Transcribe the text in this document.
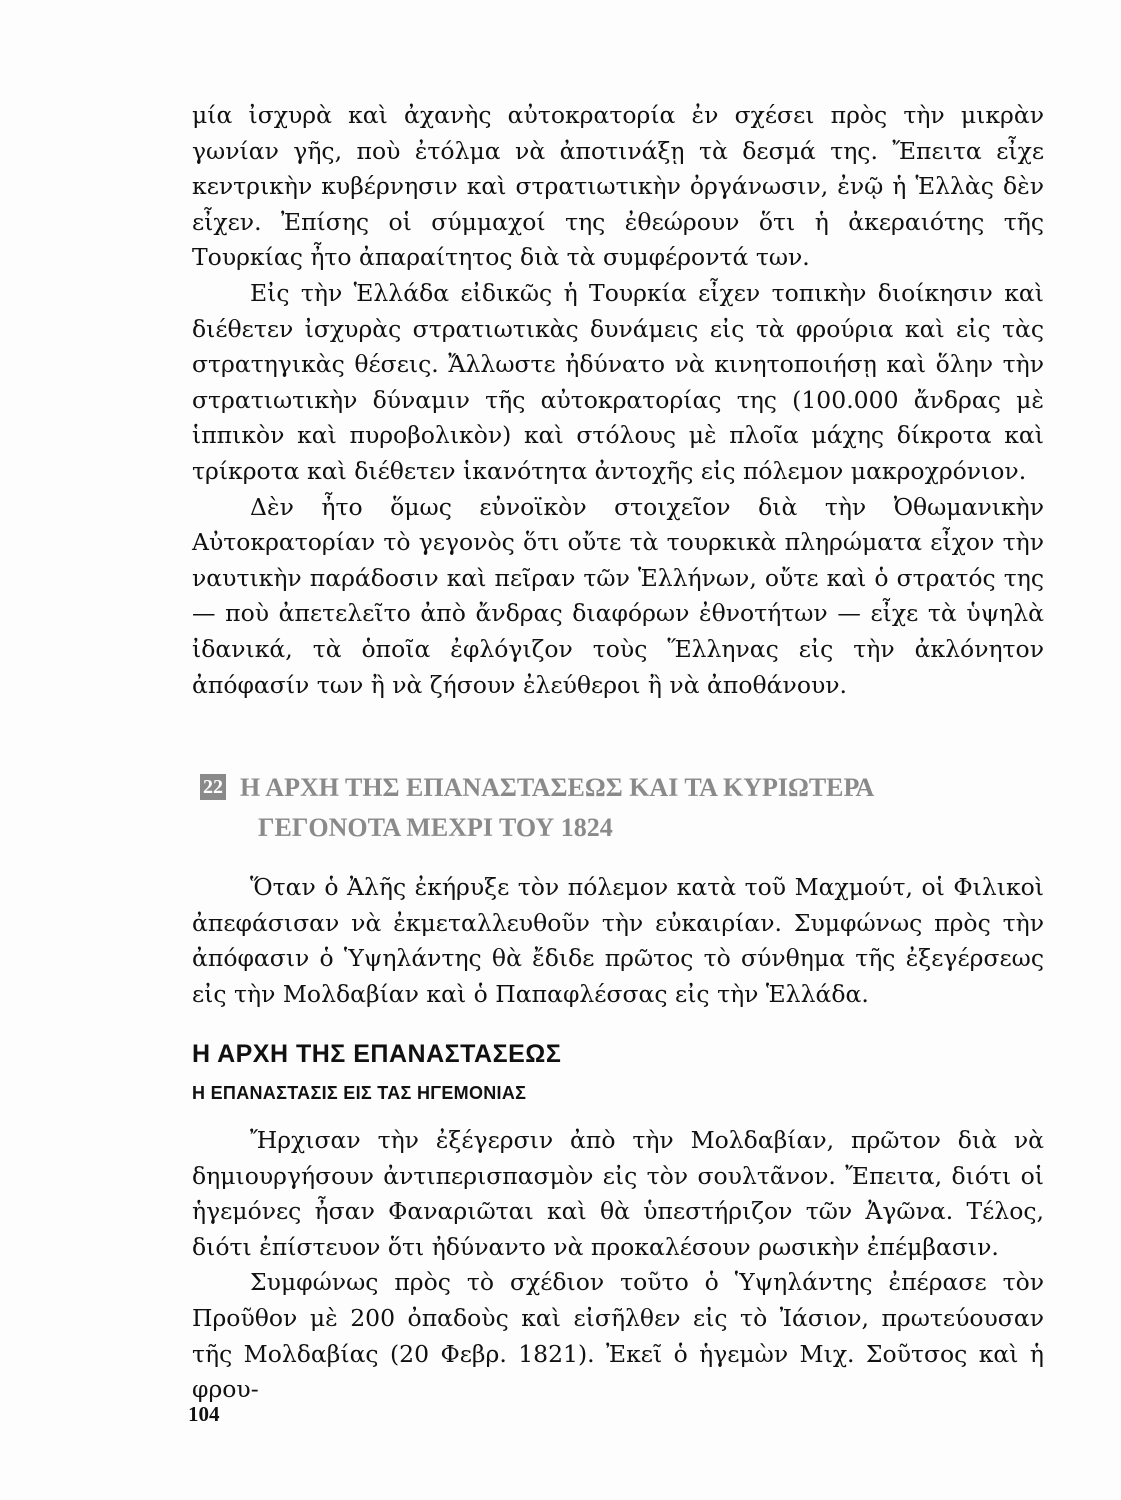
μία ἰσχυρὰ καὶ ἀχανὴς αὐτοκρατορία ἐν σχέσει πρὸς τὴν μικρὰν γωνίαν γῆς, ποὺ ἐτόλμα νὰ ἀποτινάξῃ τὰ δεσμά της. Ἔπειτα εἶχε κεντρικὴν κυβέρνησιν καὶ στρατιωτικὴν ὀργάνωσιν, ἐνῷ ἡ Ἑλλὰς δὲν εἶχεν. Ἐπίσης οἱ σύμμαχοί της ἐθεώρουν ὅτι ἡ ἀκεραιότης τῆς Τουρκίας ἦτο ἀπαραίτητος διὰ τὰ συμφέροντά των.

Εἰς τὴν Ἑλλάδα εἰδικῶς ἡ Τουρκία εἶχεν τοπικὴν διοίκησιν καὶ διέθετεν ἰσχυρὰς στρατιωτικὰς δυνάμεις εἰς τὰ φρούρια καὶ εἰς τὰς στρατηγικὰς θέσεις. Ἄλλωστε ἠδύνατο νὰ κινητοποιήσῃ καὶ ὅλην τὴν στρατιωτικὴν δύναμιν τῆς αὐτοκρατορίας της (100.000 ἄνδρας μὲ ἱππικὸν καὶ πυροβολικὸν) καὶ στόλους μὲ πλοῖα μάχης δίκροτα καὶ τρίκροτα καὶ διέθετεν ἱκανότητα ἀντοχῆς εἰς πόλεμον μακροχρόνιον.

Δὲν ἦτο ὅμως εὐνοϊκὸν στοιχεῖον διὰ τὴν Ὀθωμανικὴν Αὐτοκρατορίαν τὸ γεγονὸς ὅτι οὔτε τὰ τουρκικὰ πληρώματα εἶχον τὴν ναυτικὴν παράδοσιν καὶ πεῖραν τῶν Ἑλλήνων, οὔτε καὶ ὁ στρατός της — ποὺ ἀπετελεῖτο ἀπὸ ἄνδρας διαφόρων ἐθνοτήτων — εἶχε τὰ ὑψηλὰ ἰδανικά, τὰ ὁποῖα ἐφλόγιζον τοὺς Ἕλληνας εἰς τὴν ἀκλόνητον ἀπόφασίν των ἢ νὰ ζήσουν ἐλεύθεροι ἢ νὰ ἀποθάνουν.

22 Η ΑΡΧΗ ΤΗΣ ΕΠΑΝΑΣΤΑΣΕΩΣ ΚΑΙ ΤΑ ΚΥΡΙΩΤΕΡΑ
ΓΕΓΟΝΟΤΑ ΜΕΧΡΙ ΤΟΥ 1824

Ὅταν ὁ Ἀλῆς ἐκήρυξε τὸν πόλεμον κατὰ τοῦ Μαχμούτ, οἱ Φιλικοὶ ἀπεφάσισαν νὰ ἐκμεταλλευθοῦν τὴν εὐκαιρίαν. Συμφώνως πρὸς τὴν ἀπόφασιν ὁ Ὑψηλάντης θὰ ἔδιδε πρῶτος τὸ σύνθημα τῆς ἐξεγέρσεως εἰς τὴν Μολδαβίαν καὶ ὁ Παπαφλέσσας εἰς τὴν Ἑλλάδα.

Η ΑΡΧΗ ΤΗΣ ΕΠΑΝΑΣΤΑΣΕΩΣ
Η ΕΠΑΝΑΣΤΑΣΙΣ ΕΙΣ ΤΑΣ ΗΓΕΜΟΝΙΑΣ

Ἤρχισαν τὴν ἐξέγερσιν ἀπὸ τὴν Μολδαβίαν, πρῶτον διὰ νὰ δημιουργήσουν ἀντιπερισπασμὸν εἰς τὸν σουλτᾶνον. Ἔπειτα, διότι οἱ ἡγεμόνες ἦσαν Φαναριῶται καὶ θὰ ὑπεστήριζον τῶν Ἀγῶνα. Τέλος, διότι ἐπίστευον ὅτι ἠδύναντο νὰ προκαλέσουν ρωσικὴν ἐπέμβασιν.

Συμφώνως πρὸς τὸ σχέδιον τοῦτο ὁ Ὑψηλάντης ἐπέρασε τὸν Προῦθον μὲ 200 ὀπαδοὺς καὶ εἰσῆλθεν εἰς τὸ Ἰάσιον, πρωτεύουσαν τῆς Μολδαβίας (20 Φεβρ. 1821). Ἐκεῖ ὁ ἡγεμὼν Μιχ. Σοῦτσος καὶ ἡ φρου-

104
